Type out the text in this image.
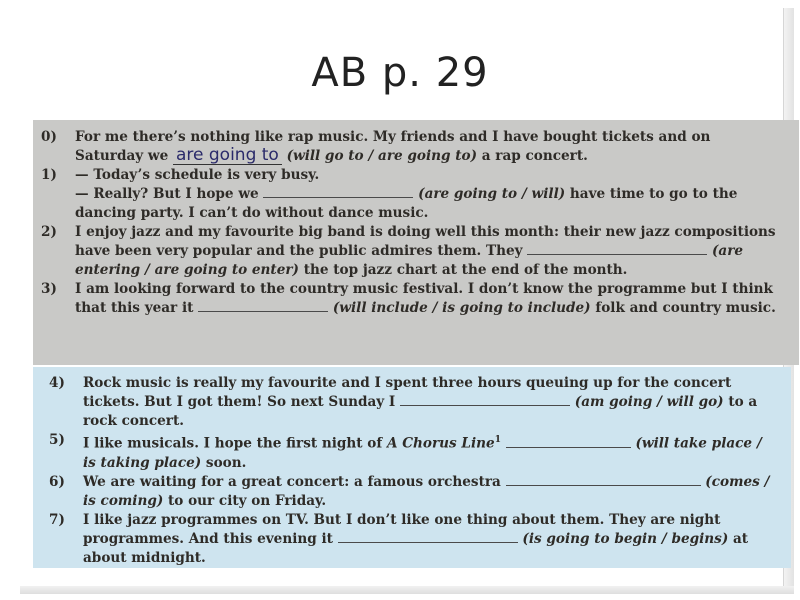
AB p. 29

0) For me there’s nothing like rap music. My friends and I have bought tickets and on Saturday we are going to (will go to / are going to) a rap concert.

1) — Today’s schedule is very busy.
— Really? But I hope we	(are going to / will) have time to go to the dancing party. I can’t do without dance music.

2) I enjoy jazz and my favourite big band is doing well this month: their new jazz compositions have been very popular and the public admires them. They	(are entering / are going to enter) the top jazz chart at the end of the month.

3) I am looking forward to the country music festival. I don’t know the programme but I think that this year it	(will include / is going to include) folk and country music.

4) Rock music is really my favourite and I spent three hours queuing up for the concert tickets. But I got them! So next Sunday I	(am going / will go) to a rock concert.

5) I like musicals. I hope the first night of A Chorus Line$^1$	(will take place / is taking place) soon.

6) We are waiting for a great concert: a famous orchestra	(comes / is coming) to our city on Friday.

7) I like jazz programmes on TV. But I don’t like one thing about them. They are night programmes. And this evening it	(is going to begin / begins) at about midnight.
